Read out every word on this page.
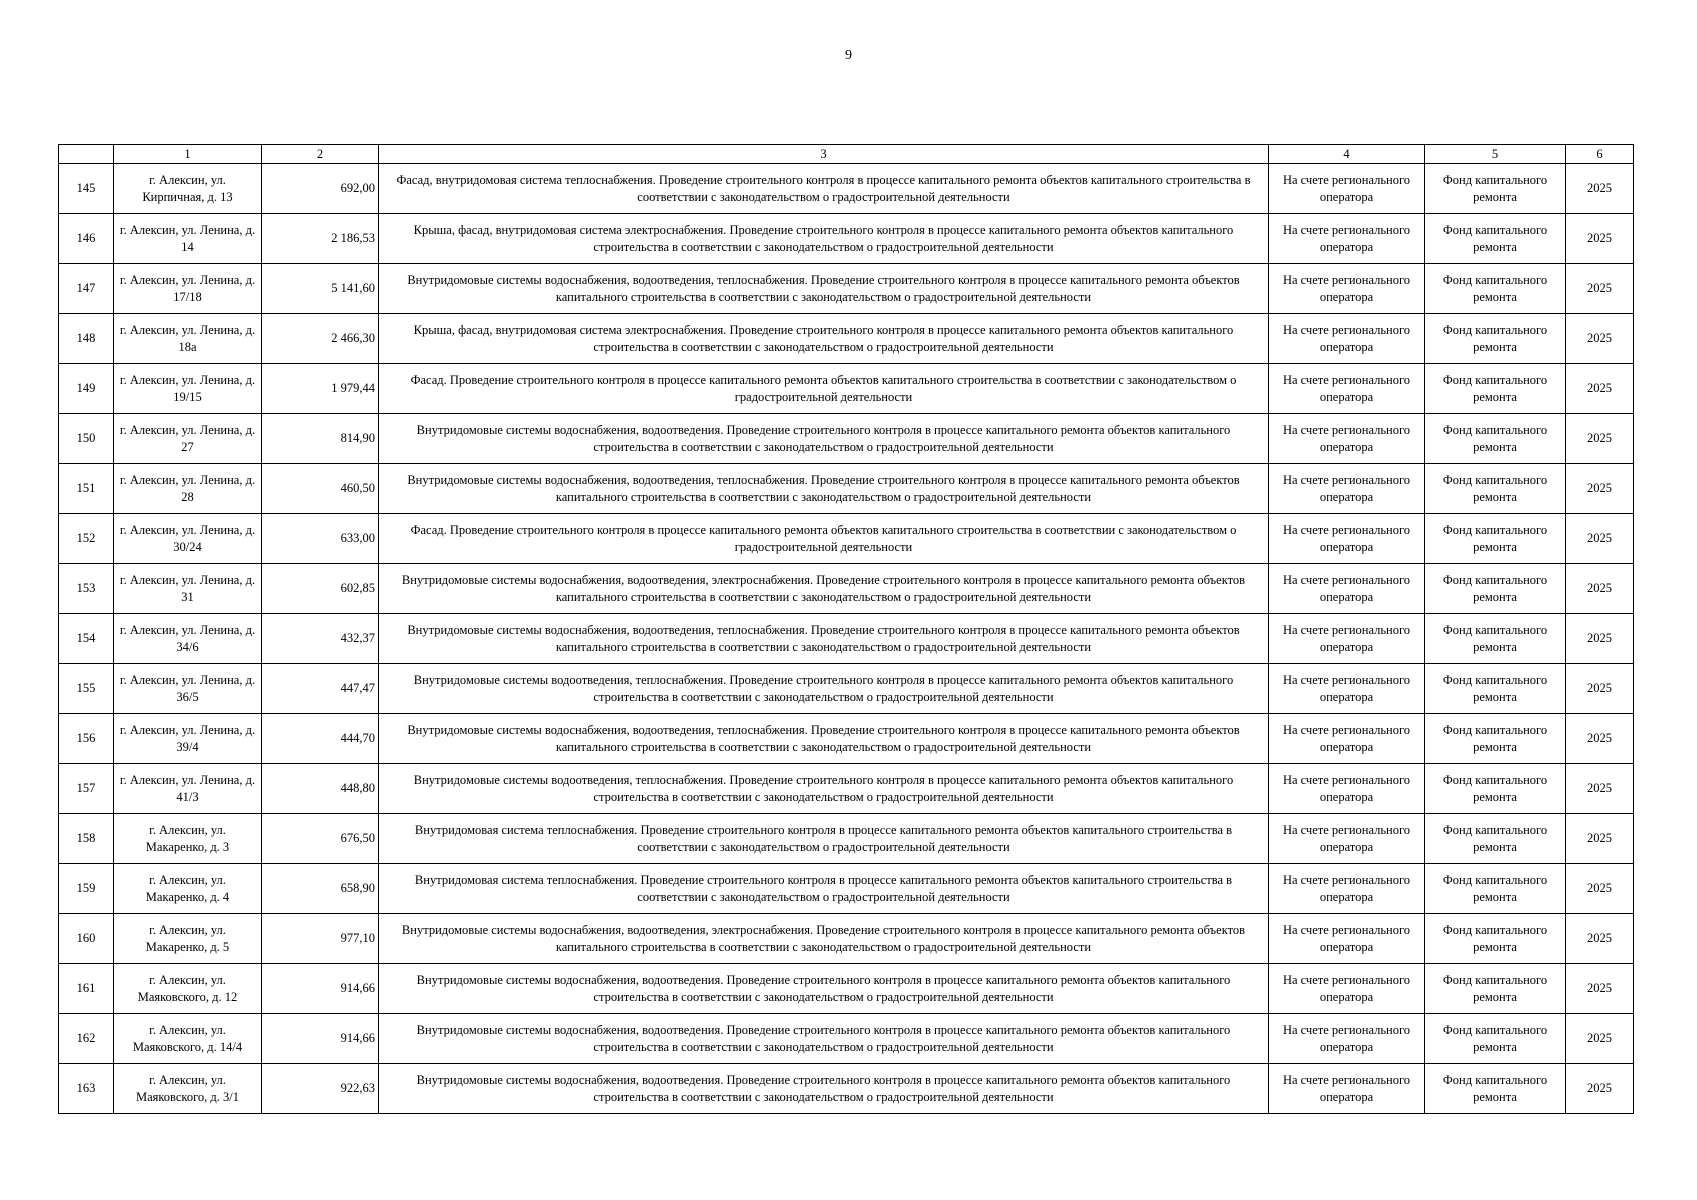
9
	1	2	3	4	5	6
145	г. Алексин, ул. Кирпичная, д. 13	692,00	Фасад, внутридомовая система теплоснабжения. Проведение строительного контроля в процессе капитального ремонта объектов капитального строительства в соответствии с законодательством о градостроительной деятельности	На счете регионального оператора	Фонд капитального ремонта	2025
146	г. Алексин, ул. Ленина, д. 14	2 186,53	Крыша, фасад, внутридомовая система электроснабжения. Проведение строительного контроля в процессе капитального ремонта объектов капитального строительства в соответствии с законодательством о градостроительной деятельности	На счете регионального оператора	Фонд капитального ремонта	2025
147	г. Алексин, ул. Ленина, д. 17/18	5 141,60	Внутридомовые системы водоснабжения, водоотведения, теплоснабжения. Проведение строительного контроля в процессе капитального ремонта объектов капитального строительства в соответствии с законодательством о градостроительной деятельности	На счете регионального оператора	Фонд капитального ремонта	2025
148	г. Алексин, ул. Ленина, д. 18а	2 466,30	Крыша, фасад, внутридомовая система электроснабжения. Проведение строительного контроля в процессе капитального ремонта объектов капитального строительства в соответствии с законодательством о градостроительной деятельности	На счете регионального оператора	Фонд капитального ремонта	2025
149	г. Алексин, ул. Ленина, д. 19/15	1 979,44	Фасад. Проведение строительного контроля в процессе капитального ремонта объектов капитального строительства в соответствии с законодательством о градостроительной деятельности	На счете регионального оператора	Фонд капитального ремонта	2025
150	г. Алексин, ул. Ленина, д. 27	814,90	Внутридомовые системы водоснабжения, водоотведения. Проведение строительного контроля в процессе капитального ремонта объектов капитального строительства в соответствии с законодательством о градостроительной деятельности	На счете регионального оператора	Фонд капитального ремонта	2025
151	г. Алексин, ул. Ленина, д. 28	460,50	Внутридомовые системы водоснабжения, водоотведения, теплоснабжения. Проведение строительного контроля в процессе капитального ремонта объектов капитального строительства в соответствии с законодательством о градостроительной деятельности	На счете регионального оператора	Фонд капитального ремонта	2025
152	г. Алексин, ул. Ленина, д. 30/24	633,00	Фасад. Проведение строительного контроля в процессе капитального ремонта объектов капитального строительства в соответствии с законодательством о градостроительной деятельности	На счете регионального оператора	Фонд капитального ремонта	2025
153	г. Алексин, ул. Ленина, д. 31	602,85	Внутридомовые системы водоснабжения, водоотведения, электроснабжения. Проведение строительного контроля в процессе капитального ремонта объектов капитального строительства в соответствии с законодательством о градостроительной деятельности	На счете регионального оператора	Фонд капитального ремонта	2025
154	г. Алексин, ул. Ленина, д. 34/6	432,37	Внутридомовые системы водоснабжения, водоотведения, теплоснабжения. Проведение строительного контроля в процессе капитального ремонта объектов капитального строительства в соответствии с законодательством о градостроительной деятельности	На счете регионального оператора	Фонд капитального ремонта	2025
155	г. Алексин, ул. Ленина, д. 36/5	447,47	Внутридомовые системы водоотведения, теплоснабжения. Проведение строительного контроля в процессе капитального ремонта объектов капитального строительства в соответствии с законодательством о градостроительной деятельности	На счете регионального оператора	Фонд капитального ремонта	2025
156	г. Алексин, ул. Ленина, д. 39/4	444,70	Внутридомовые системы водоснабжения, водоотведения, теплоснабжения. Проведение строительного контроля в процессе капитального ремонта объектов капитального строительства в соответствии с законодательством о градостроительной деятельности	На счете регионального оператора	Фонд капитального ремонта	2025
157	г. Алексин, ул. Ленина, д. 41/3	448,80	Внутридомовые системы водоотведения, теплоснабжения. Проведение строительного контроля в процессе капитального ремонта объектов капитального строительства в соответствии с законодательством о градостроительной деятельности	На счете регионального оператора	Фонд капитального ремонта	2025
158	г. Алексин, ул. Макаренко, д. 3	676,50	Внутридомовая система теплоснабжения. Проведение строительного контроля в процессе капитального ремонта объектов капитального строительства в соответствии с законодательством о градостроительной деятельности	На счете регионального оператора	Фонд капитального ремонта	2025
159	г. Алексин, ул. Макаренко, д. 4	658,90	Внутридомовая система теплоснабжения. Проведение строительного контроля в процессе капитального ремонта объектов капитального строительства в соответствии с законодательством о градостроительной деятельности	На счете регионального оператора	Фонд капитального ремонта	2025
160	г. Алексин, ул. Макаренко, д. 5	977,10	Внутридомовые системы водоснабжения, водоотведения, электроснабжения. Проведение строительного контроля в процессе капитального ремонта объектов капитального строительства в соответствии с законодательством о градостроительной деятельности	На счете регионального оператора	Фонд капитального ремонта	2025
161	г. Алексин, ул. Маяковского, д. 12	914,66	Внутридомовые системы водоснабжения, водоотведения. Проведение строительного контроля в процессе капитального ремонта объектов капитального строительства в соответствии с законодательством о градостроительной деятельности	На счете регионального оператора	Фонд капитального ремонта	2025
162	г. Алексин, ул. Маяковского, д. 14/4	914,66	Внутридомовые системы водоснабжения, водоотведения. Проведение строительного контроля в процессе капитального ремонта объектов капитального строительства в соответствии с законодательством о градостроительной деятельности	На счете регионального оператора	Фонд капитального ремонта	2025
163	г. Алексин, ул. Маяковского, д. 3/1	922,63	Внутридомовые системы водоснабжения, водоотведения. Проведение строительного контроля в процессе капитального ремонта объектов капитального строительства в соответствии с законодательством о градостроительной деятельности	На счете регионального оператора	Фонд капитального ремонта	2025
